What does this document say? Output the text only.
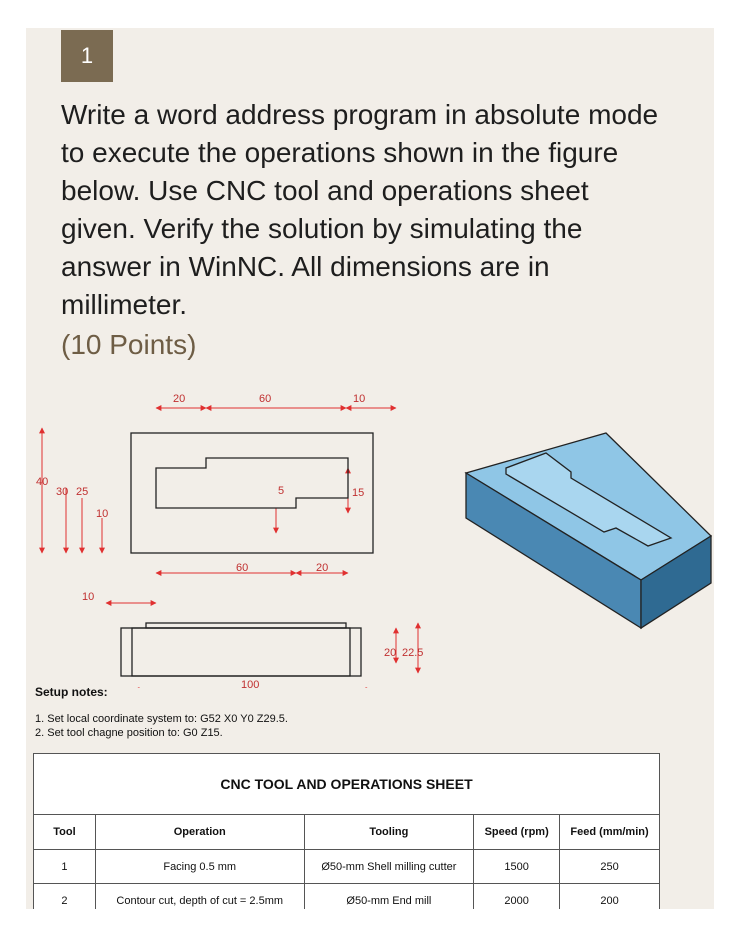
1
Write a word address program in absolute mode to execute the operations shown in the figure below. Use CNC tool and operations sheet given. Verify the solution by simulating the answer in WinNC. All dimensions are in millimeter.
(10 Points)
20	60	10
40
30 25
10
5	15
60	20
10
20 22.5
100
Setup notes:
1. Set local coordinate system to: G52 X0 Y0 Z29.5.
2. Set tool chagne position to: G0 Z15.
CNC TOOL AND OPERATIONS SHEET				
Tool	Operation	Tooling	Speed (rpm)	Feed (mm/min)
1	Facing 0.5 mm	Ø50-mm Shell milling cutter	1500	250
2	Contour cut, depth of cut = 2.5mm	Ø50-mm End mill	2000	200
